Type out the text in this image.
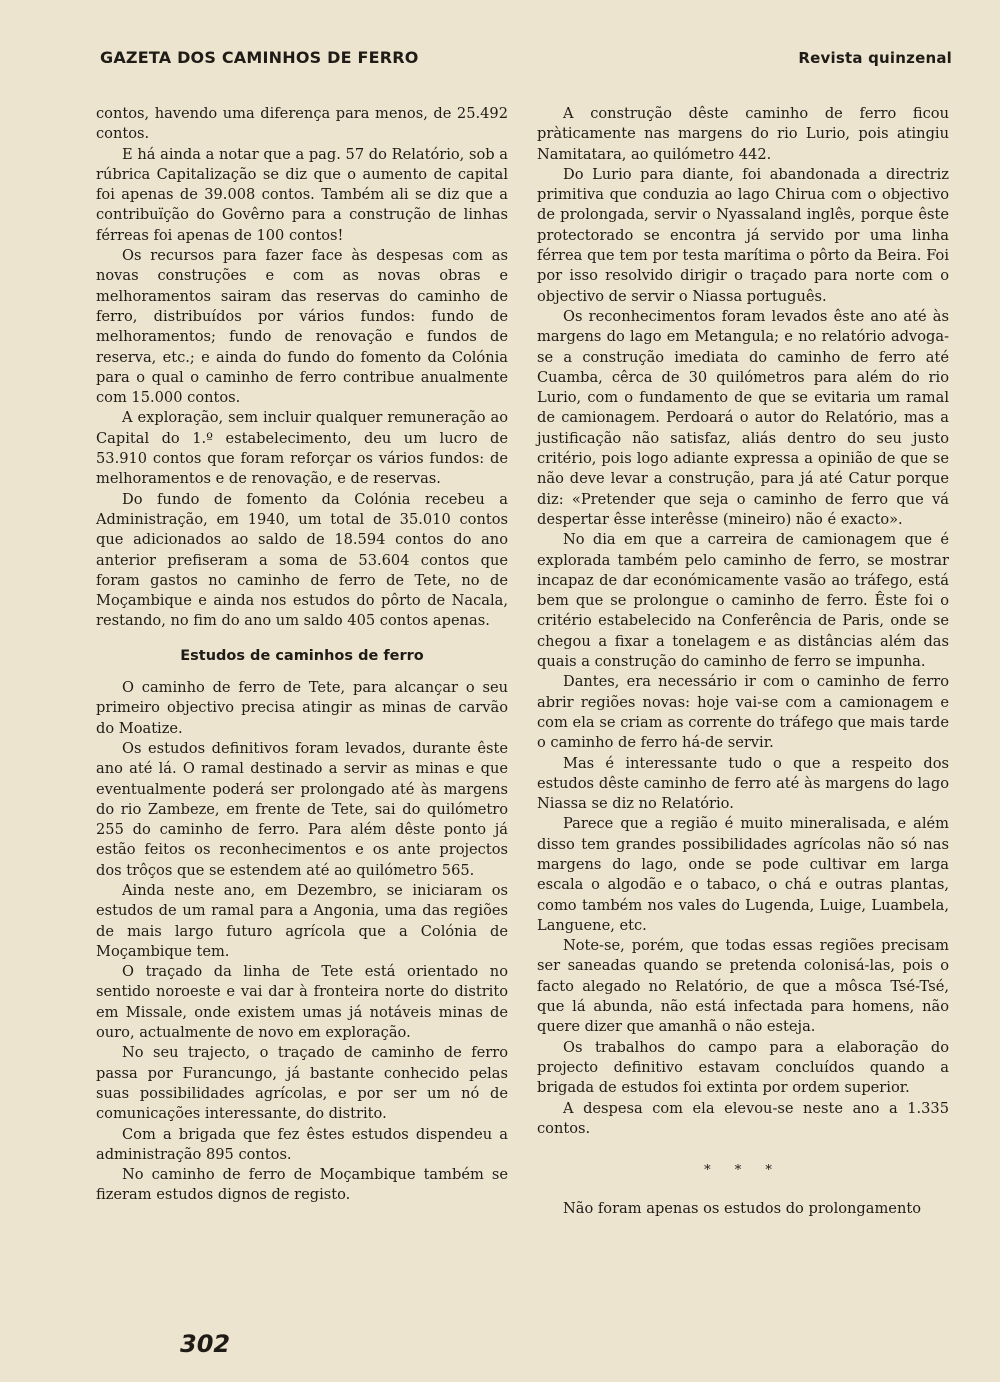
GAZETA DOS CAMINHOS DE FERRO	Revista quinzenal

contos, havendo uma diferença para menos, de 25.492 contos.

E há ainda a notar que a pag. 57 do Relatório, sob a rúbrica Capitalização se diz que o aumento de capital foi apenas de 39.008 contos. Também ali se diz que a contribuïção do Govêrno para a construção de linhas férreas foi apenas de 100 contos!

Os recursos para fazer face às despesas com as novas construções e com as novas obras e melhoramentos sairam das reservas do caminho de ferro, distribuídos por vários fundos: fundo de melhoramentos; fundo de renovação e fundos de reserva, etc.; e ainda do fundo do fomento da Colónia para o qual o caminho de ferro contribue anualmente com 15.000 contos.

A exploração, sem incluir qualquer remuneração ao Capital do 1.º estabelecimento, deu um lucro de 53.910 contos que foram reforçar os vários fundos: de melhoramentos e de renovação, e de reservas.

Do fundo de fomento da Colónia recebeu a Administração, em 1940, um total de 35.010 contos que adicionados ao saldo de 18.594 contos do ano anterior prefiseram a soma de 53.604 contos que foram gastos no caminho de ferro de Tete, no de Moçambique e ainda nos estudos do pôrto de Nacala, restando, no fim do ano um saldo 405 contos apenas.

Estudos de caminhos de ferro

O caminho de ferro de Tete, para alcançar o seu primeiro objectivo precisa atingir as minas de carvão do Moatize.

Os estudos definitivos foram levados, durante êste ano até lá. O ramal destinado a servir as minas e que eventualmente poderá ser prolongado até às margens do rio Zambeze, em frente de Tete, sai do quilómetro 255 do caminho de ferro. Para além dêste ponto já estão feitos os reconhecimentos e os ante projectos dos trôços que se estendem até ao quilómetro 565.

Ainda neste ano, em Dezembro, se iniciaram os estudos de um ramal para a Angonia, uma das regiões de mais largo futuro agrícola que a Colónia de Moçambique tem.

O traçado da linha de Tete está orientado no sentido noroeste e vai dar à fronteira norte do distrito em Missale, onde existem umas já notáveis minas de ouro, actualmente de novo em exploração.

No seu trajecto, o traçado de caminho de ferro passa por Furancungo, já bastante conhecido pelas suas possibilidades agrícolas, e por ser um nó de comunicações interessante, do distrito.

Com a brigada que fez êstes estudos dispendeu a administração 895 contos.

No caminho de ferro de Moçambique também se fizeram estudos dignos de registo.

A construção dêste caminho de ferro ficou pràticamente nas margens do rio Lurio, pois atingiu Namitatara, ao quilómetro 442.

Do Lurio para diante, foi abandonada a directriz primitiva que conduzia ao lago Chirua com o objectivo de prolongada, servir o Nyassaland inglês, porque êste protectorado se encontra já servido por uma linha férrea que tem por testa marítima o pôrto da Beira. Foi por isso resolvido dirigir o traçado para norte com o objectivo de servir o Niassa português.

Os reconhecimentos foram levados êste ano até às margens do lago em Metangula; e no relatório advoga-se a construção imediata do caminho de ferro até Cuamba, cêrca de 30 quilómetros para além do rio Lurio, com o fundamento de que se evitaria um ramal de camionagem. Perdoará o autor do Relatório, mas a justificação não satisfaz, aliás dentro do seu justo critério, pois logo adiante expressa a opinião de que se não deve levar a construção, para já até Catur porque diz: «Pretender que seja o caminho de ferro que vá despertar êsse interêsse (mineiro) não é exacto».

No dia em que a carreira de camionagem que é explorada também pelo caminho de ferro, se mostrar incapaz de dar económicamente vasão ao tráfego, está bem que se prolongue o caminho de ferro. Êste foi o critério estabelecido na Conferência de Paris, onde se chegou a fixar a tonelagem e as distâncias além das quais a construção do caminho de ferro se impunha.

Dantes, era necessário ir com o caminho de ferro abrir regiões novas: hoje vai-se com a camionagem e com ela se criam as corrente do tráfego que mais tarde o caminho de ferro há-de servir.

Mas é interessante tudo o que a respeito dos estudos dêste caminho de ferro até às margens do lago Niassa se diz no Relatório.

Parece que a região é muito mineralisada, e além disso tem grandes possibilidades agrícolas não só nas margens do lago, onde se pode cultivar em larga escala o algodão e o tabaco, o chá e outras plantas, como também nos vales do Lugenda, Luige, Luambela, Languene, etc.

Note-se, porém, que todas essas regiões precisam ser saneadas quando se pretenda colonisá-las, pois o facto alegado no Relatório, de que a môsca Tsé-Tsé, que lá abunda, não está infectada para homens, não quere dizer que amanhã o não esteja.

Os trabalhos do campo para a elaboração do projecto definitivo estavam concluídos quando a brigada de estudos foi extinta por ordem superior.

A despesa com ela elevou-se neste ano a 1.335 contos.

* * *

Não foram apenas os estudos do prolongamento

302
